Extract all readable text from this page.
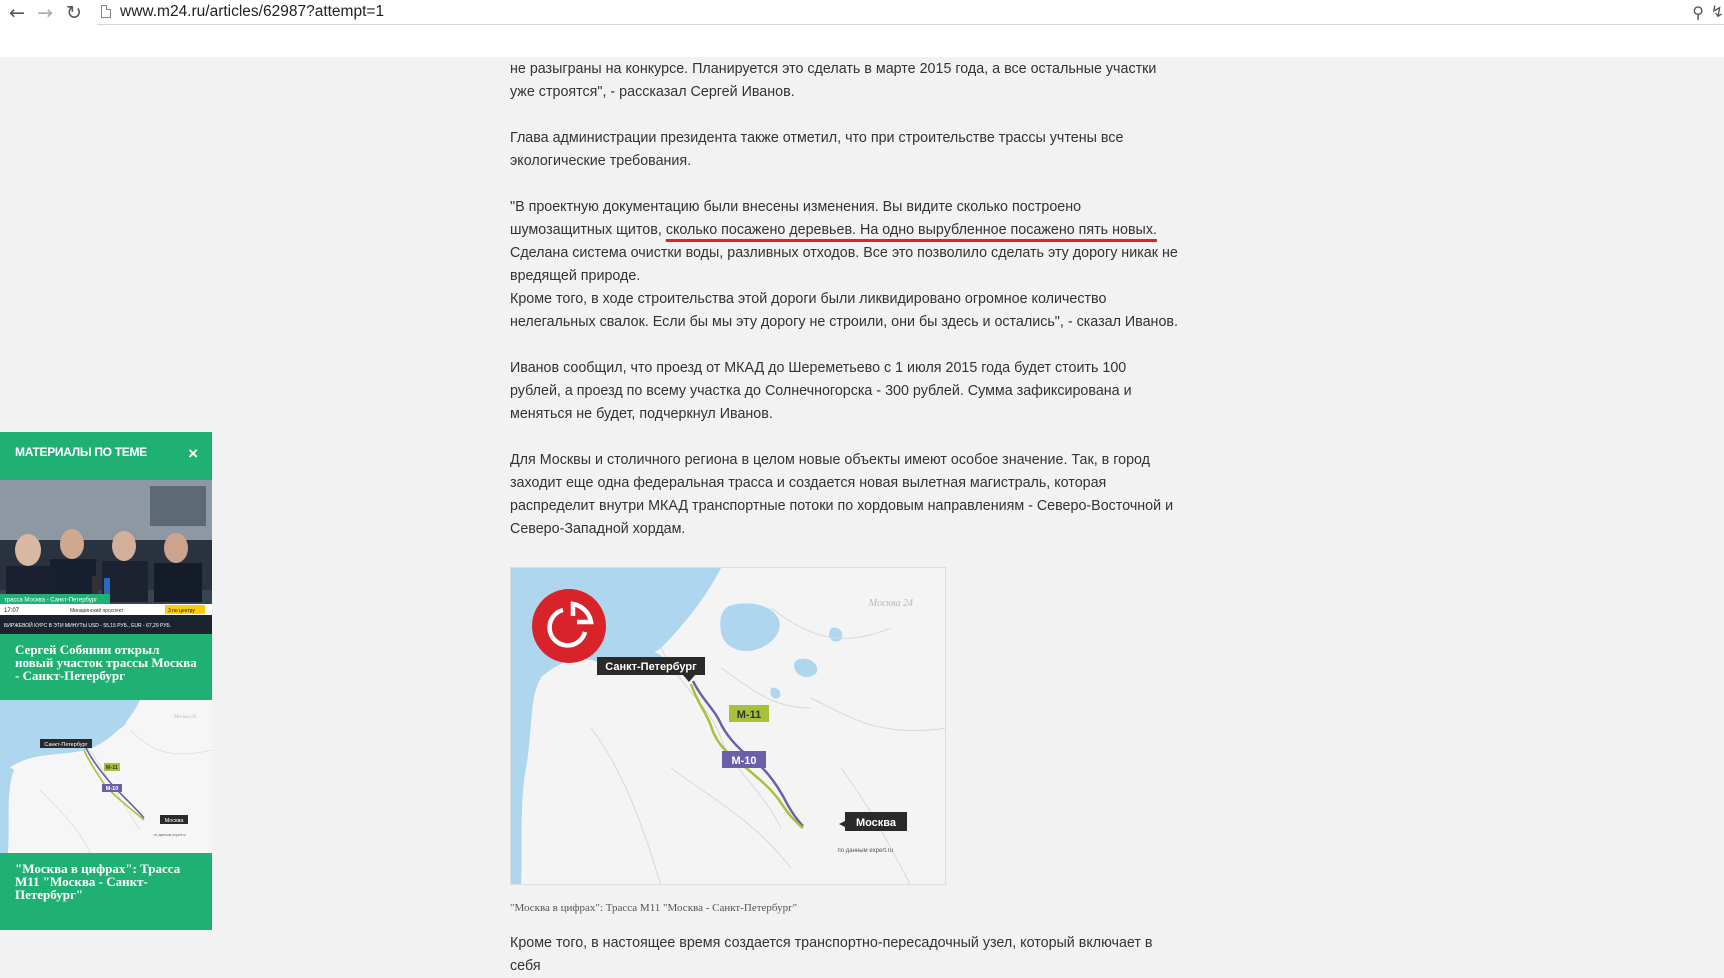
← → ↻ www.m24.ru/articles/62987?attempt=1	⚲ ↯

не разыграны на конкурсе. Планируется это сделать в марте 2015 года, а все остальные участки уже строятся", - рассказал Сергей Иванов.

Глава администрации президента также отметил, что при строительстве трассы учтены все экологические требования.

"В проектную документацию были внесены изменения. Вы видите сколько построено шумозащитных щитов, сколько посажено деревьев. На одно вырубленное посажено пять новых. Сделана система очистки воды, разливных отходов. Все это позволило сделать эту дорогу никак не вредящей природе.

Кроме того, в ходе строительства этой дороги были ликвидировано огромное количество нелегальных свалок. Если бы мы эту дорогу не строили, они бы здесь и остались", - сказал Иванов.

Иванов сообщил, что проезд от МКАД до Шереметьево с 1 июля 2015 года будет стоить 100 рублей, а проезд по всему участка до Солнечногорска - 300 рублей. Сумма зафиксирована и меняться не будет, подчеркнул Иванов.

Для Москвы и столичного региона в целом новые объекты имеют особое значение. Так, в город заходит еще одна федеральная трасса и создается новая вылетная магистраль, которая распределит внутри МКАД транспортные потоки по хордовым направлениям - Северо-Восточной и Северо-Западной хордам.

Кроме того, в настоящее время создается транспортно-пересадочный узел, который включает в себя

Санкт-Петербург
М-11
М-10
Москва
Москва 24
по данным expert.ru
"Москва в цифрах": Трасса М11 "Москва - Санкт-Петербург"
МАТЕРИАЛЫ ПО ТЕМЕ ×
трасса Москва - Санкт-Петербург
17:07	Минаринский проспект	3 по центру
БИРЖЕВОЙ КУРС В ЭТИ МИНУТЫ USD - 55,15 РУБ., EUR - 67,29 РУБ.
Сергей Собянин открыл новый участок трассы Москва - Санкт-Петербург
Санкт-Петербург
М-11
М-10
Москва
Москва 24
по данным expert.ru
"Москва в цифрах": Трасса М11 "Москва - Санкт-Петербург"
